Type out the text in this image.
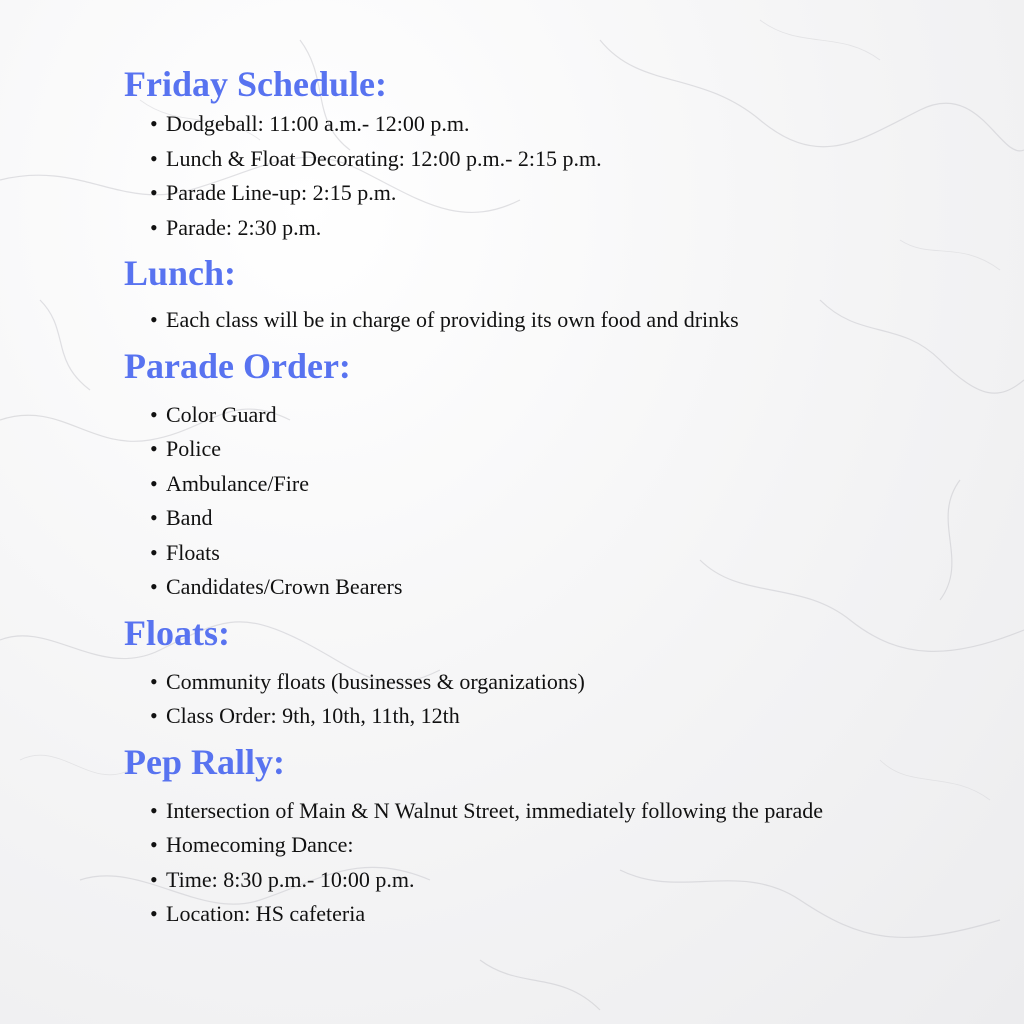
Friday Schedule:
• Dodgeball: 11:00 a.m.- 12:00 p.m.
• Lunch & Float Decorating: 12:00 p.m.- 2:15 p.m.
• Parade Line-up: 2:15 p.m.
• Parade: 2:30 p.m.
Lunch:
• Each class will be in charge of providing its own food and drinks
Parade Order:
• Color Guard
• Police
• Ambulance/Fire
• Band
• Floats
• Candidates/Crown Bearers
Floats:
• Community floats (businesses & organizations)
• Class Order: 9th, 10th, 11th, 12th
Pep Rally:
• Intersection of Main & N Walnut Street, immediately following the parade
• Homecoming Dance:
• Time: 8:30 p.m.- 10:00 p.m.
• Location: HS cafeteria
